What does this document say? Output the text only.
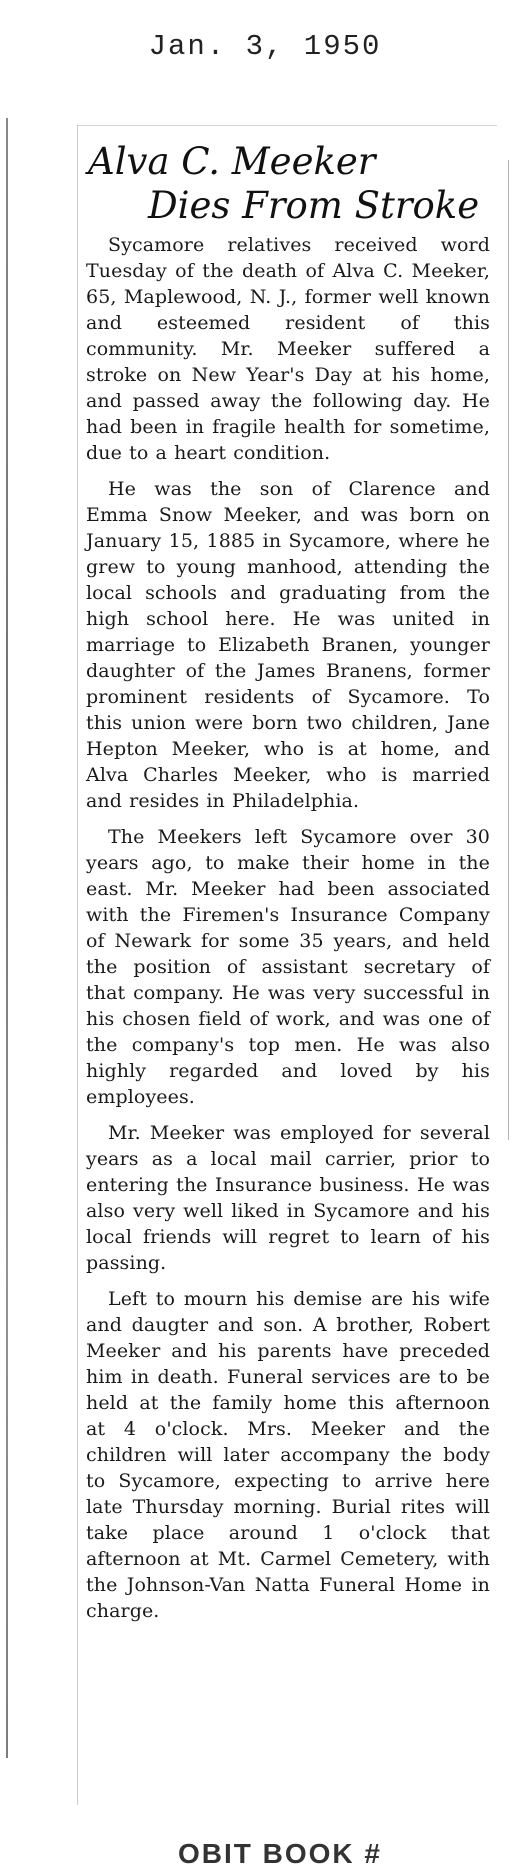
Jan. 3, 1950
Alva C. Meeker
Dies From Stroke

Sycamore relatives received word Tuesday of the death of Alva C. Meeker, 65, Maplewood, N. J., former well known and esteemed resident of this community. Mr. Meeker suffered a stroke on New Year's Day at his home, and passed away the following day. He had been in fragile health for sometime, due to a heart condition.

He was the son of Clarence and Emma Snow Meeker, and was born on January 15, 1885 in Sycamore, where he grew to young manhood, attending the local schools and graduating from the high school here. He was united in marriage to Elizabeth Branen, younger daughter of the James Branens, former prominent residents of Sycamore. To this union were born two children, Jane Hepton Meeker, who is at home, and Alva Charles Meeker, who is married and resides in Philadelphia.

The Meekers left Sycamore over 30 years ago, to make their home in the east. Mr. Meeker had been associated with the Firemen's Insurance Company of Newark for some 35 years, and held the position of assistant secretary of that company. He was very successful in his chosen field of work, and was one of the company's top men. He was also highly regarded and loved by his employees.

Mr. Meeker was employed for several years as a local mail carrier, prior to entering the Insurance business. He was also very well liked in Sycamore and his local friends will regret to learn of his passing.

Left to mourn his demise are his wife and daugter and son. A brother, Robert Meeker and his parents have preceded him in death. Funeral services are to be held at the family home this afternoon at 4 o'clock. Mrs. Meeker and the children will later accompany the body to Sycamore, expecting to arrive here late Thursday morning. Burial rites will take place around 1 o'clock that afternoon at Mt. Carmel Cemetery, with the Johnson-Van Natta Funeral Home in charge.

OBIT BOOK #
